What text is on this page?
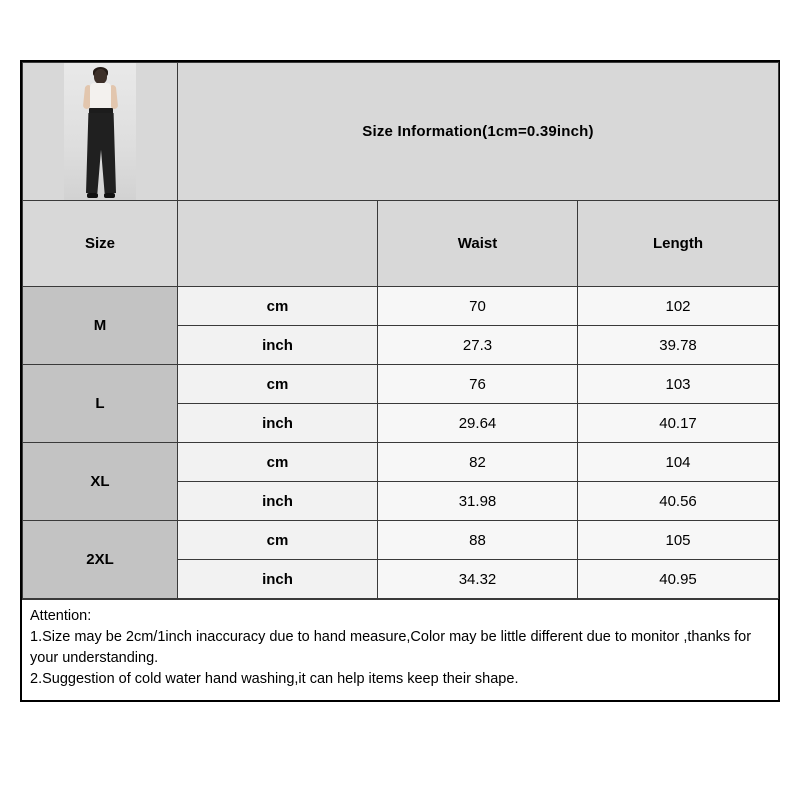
	Size Information(1cm=0.39inch)		
Size		Waist	Length
M	cm	70	102
	inch	27.3	39.78
L	cm	76	103
	inch	29.64	40.17
XL	cm	82	104
	inch	31.98	40.56
2XL	cm	88	105
	inch	34.32	40.95
Attention:
1.Size may be 2cm/1inch inaccuracy due to hand measure,Color may be little different due to monitor ,thanks for your understanding.
2.Suggestion of cold water hand washing,it can help items keep their shape.
